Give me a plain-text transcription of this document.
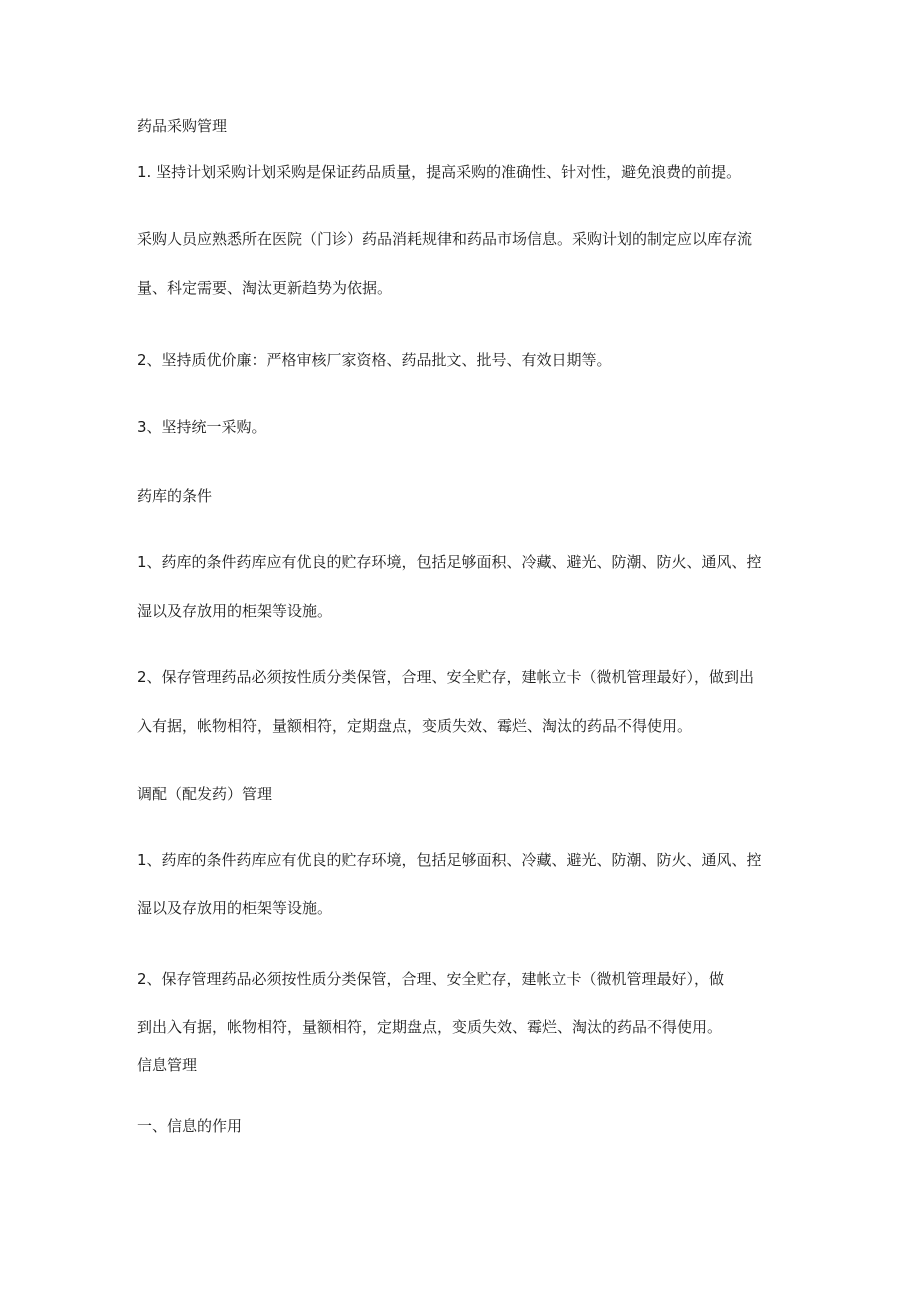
药品采购管理

1. 坚持计划采购计划采购是保证药品质量，提高采购的准确性、针对性，避免浪费的前提。

采购人员应熟悉所在医院（门诊）药品消耗规律和药品市场信息。采购计划的制定应以库存流

量、科定需要、淘汰更新趋势为依据。

2、坚持质优价廉：严格审核厂家资格、药品批文、批号、有效日期等。

3、坚持统一采购。

药库的条件

1、药库的条件药库应有优良的贮存环境，包括足够面积、冷藏、避光、防潮、防火、通风、控

湿以及存放用的柜架等设施。

2、保存管理药品必须按性质分类保管，合理、安全贮存，建帐立卡（微机管理最好），做到出

入有据，帐物相符，量额相符，定期盘点，变质失效、霉烂、淘汰的药品不得使用。

调配（配发药）管理

1、药库的条件药库应有优良的贮存环境，包括足够面积、冷藏、避光、防潮、防火、通风、控

湿以及存放用的柜架等设施。

2、保存管理药品必须按性质分类保管，合理、安全贮存，建帐立卡（微机管理最好），做

到出入有据，帐物相符，量额相符，定期盘点，变质失效、霉烂、淘汰的药品不得使用。

信息管理

一、信息的作用
